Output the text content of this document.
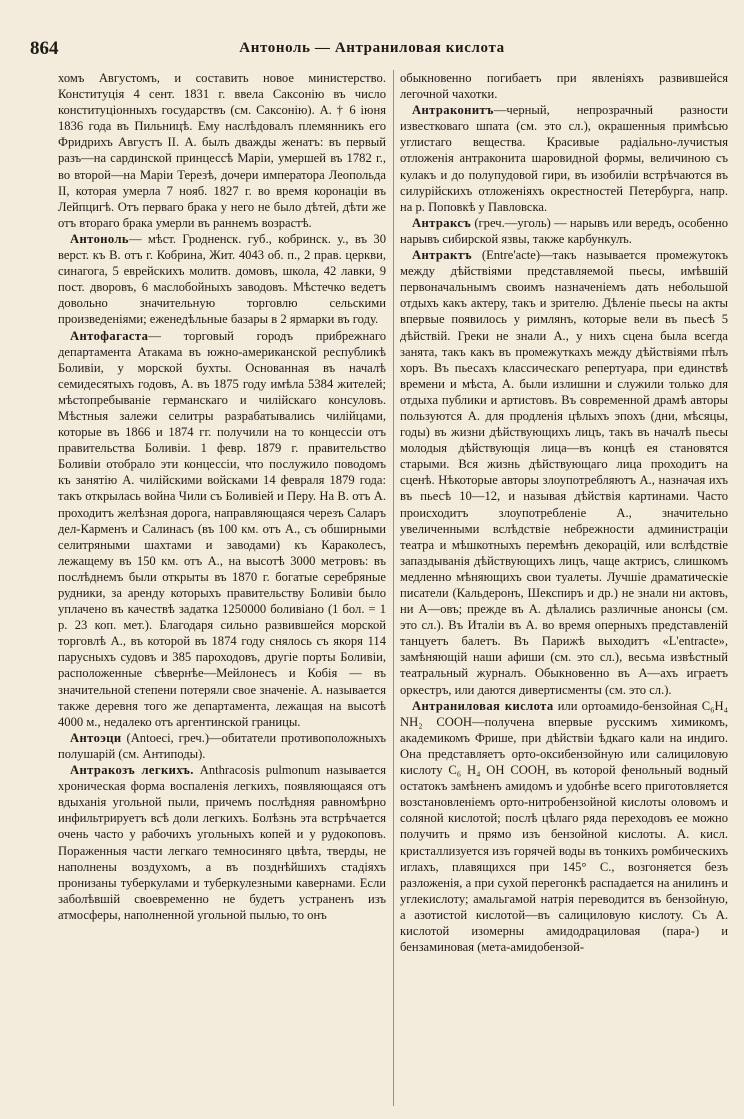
864	Антоноль — Антраниловая кислота

хомъ Августомъ, и составить новое министерство. Конституція 4 сент. 1831 г. ввела Саксонію въ число конституціонныхъ государствъ (см. Саксонію). А. † 6 іюня 1836 года въ Пильницѣ. Ему наслѣдовалъ племянникъ его Фридрихъ Августъ II. А. былъ дважды женатъ: въ первый разъ—на сардинской принцессѣ Маріи, умершей въ 1782 г., во второй—на Маріи Терезѣ, дочери императора Леопольда II, которая умерла 7 нояб. 1827 г. во время коронаціи въ Лейпцигѣ. Отъ перваго брака у него не было дѣтей, дѣти же отъ втораго брака умерли въ раннемъ возрастѣ.

Антоноль— мѣст. Гродненск. губ., кобринск. у., въ 30 верст. къ В. отъ г. Кобрина, Жит. 4043 об. п., 2 прав. церкви, синагога, 5 еврейскихъ молитв. домовъ, школа, 42 лавки, 9 пост. дворовъ, 6 маслобойныхъ заводовъ. Мѣстечко ведетъ довольно значительную торговлю сельскими произведеніями; еженедѣльные базары в 2 ярмарки въ году.

Антофагаста— торговый городъ прибрежнаго департамента Атакама въ южно-американской республикѣ Боливіи, у морской бухты. Основанная въ началѣ семидесятыхъ годовъ, А. въ 1875 году имѣла 5384 жителей; мѣстопребываніе германскаго и чилійскаго консуловъ. Мѣстныя залежи селитры разрабатывались чилійцами, которые въ 1866 и 1874 гг. получили на то концессіи отъ правительства Боливіи. 1 февр. 1879 г. правительство Боливіи отобрало эти концессіи, что послужило поводомъ къ занятію А. чилійскими войсками 14 февраля 1879 года: такъ открылась война Чили съ Боливіей и Перу. На В. отъ А. проходитъ желѣзная дорога, направляющаяся черезъ Саларъ дел-Карменъ и Салинасъ (въ 100 км. отъ А., съ обширными селитряными шахтами и заводами) къ Караколесъ, лежащему въ 150 км. отъ А., на высотѣ 3000 метровъ: въ послѣднемъ были открыты въ 1870 г. богатые серебряные рудники, за аренду которыхъ правительству Боливіи было уплачено въ качествѣ задатка 1250000 боливіано (1 бол. = 1 р. 23 коп. мет.). Благодаря сильно развившейся морской торговлѣ А., въ которой въ 1874 году снялось съ якоря 114 парусныхъ судовъ и 385 пароходовъ, другіе порты Боливіи, расположенные сѣвернѣе—Мейлонесъ и Кобія — въ значительной степени потеряли свое значеніе. А. называется также деревня того же департамента, лежащая на высотѣ 4000 м., недалеко отъ аргентинской границы.

Антоэци (Antoeci, греч.)—обитатели противоположныхъ полушарій (см. Антиподы).

Антракозъ легкихъ. Anthracosis pulmonum называется хроническая форма воспаленія легкихъ, появляющаяся отъ вдыханія угольной пыли, причемъ послѣдняя равномѣрно инфильтрируетъ всѣ доли легкихъ. Болѣзнь эта встрѣчается очень часто у рабочихъ угольныхъ копей и у рудокоповъ. Пораженныя части легкаго темносиняго цвѣта, тверды, не наполнены воздухомъ, а въ позднѣйшихъ стадіяхъ пронизаны туберкулами и туберкулезными кавернами. Если заболѣвшій своевременно не будетъ устраненъ изъ атмосферы, наполненной угольной пылью, то онъ

обыкновенно погибаетъ при явленіяхъ развившейся легочной чахотки.

Антраконитъ—черный, непрозрачный разности известковаго шпата (см. это сл.), окрашенныя примѣсью углистаго вещества. Красивые радіально-лучистыя отложенія антраконита шаровидной формы, величиною съ кулакъ и до полупудовой гири, въ изобиліи встрѣчаются въ силурійскихъ отложеніяхъ окрестностей Петербурга, напр. на р. Поповкѣ у Павловска.

Антраксъ (греч.—уголь) — нарывъ или вередъ, особенно нарывъ сибирской язвы, также карбункулъ.

Антрактъ (Entre'acte)—такъ называется промежутокъ между дѣйствіями представляемой пьесы, имѣвшій первоначальнымъ своимъ назначеніемъ дать небольшой отдыхъ какъ актеру, такъ и зрителю. Дѣленіе пьесы на акты впервые появилось у римлянъ, которые вели въ пьесѣ 5 дѣйствій. Греки не знали А., у нихъ сцена была всегда занята, такъ какъ въ промежуткахъ между дѣйствіями пѣлъ хоръ. Въ пьесахъ классическаго репертуара, при единствѣ времени и мѣста, А. были излишни и служили только для отдыха публики и артистовъ. Въ современной драмѣ авторы пользуются А. для продленія цѣлыхъ эпохъ (дни, мѣсяцы, годы) въ жизни дѣйствующихъ лицъ, такъ въ началѣ пьесы молодыя дѣйствующія лица—въ концѣ ея становятся старыми. Вся жизнь дѣйствующаго лица проходитъ на сценѣ. Нѣкоторые авторы злоупотребляютъ А., назначая ихъ въ пьесѣ 10—12, и называя дѣйствія картинами. Часто происходитъ злоупотребленіе А., значительно увеличенными вслѣдствіе небрежности администраціи театра и мѣшкотныхъ перемѣнъ декорацій, или вслѣдствіе запаздыванія дѣйствующихъ лицъ, чаще актрисъ, слишкомъ медленно мѣняющихъ свои туалеты. Лучшіе драматическіе писатели (Кальдеронъ, Шекспиръ и др.) не знали ни актовъ, ни А—овъ; прежде въ А. дѣлались различные анонсы (см. это сл.). Въ Италіи въ А. во время оперныхъ представленій танцуетъ балетъ. Въ Парижѣ выходитъ «L'entracte», замѣняющій наши афиши (см. это сл.), весьма извѣстный театральный журналъ. Обыкновенно въ А—ахъ играетъ оркестръ, или даются дивертисменты (см. это сл.).

Антраниловая кислота или ортоамидо-бензойная C₆H₄ NH₂ COOH—получена впервые русскимъ химикомъ, академикомъ Фрише, при дѣйствіи ѣдкаго кали на индиго. Она представляетъ орто-оксибензойную или салициловую кислоту C₆ H₄ OH COOH, въ которой фенольный водный остатокъ замѣненъ амидомъ и удобнѣе всего приготовляется возстановленіемъ орто-нитробензойной кислоты оловомъ и соляной кислотой; послѣ цѣлаго ряда переходовъ ее можно получить и прямо изъ бензойной кислоты. А. кисл. кристаллизуется изъ горячей воды въ тонкихъ ромбическихъ иглахъ, плавящихся при 145° С., возгоняется безъ разложенія, а при сухой перегонкѣ распадается на анилинъ и углекислоту; амальгамой натрія переводится въ бензойную, а азотистой кислотой—въ салициловую кислоту. Съ А. кислотой изомерны амидодрациловая (пара-) и бензаминовая (мета-амидобензой-
